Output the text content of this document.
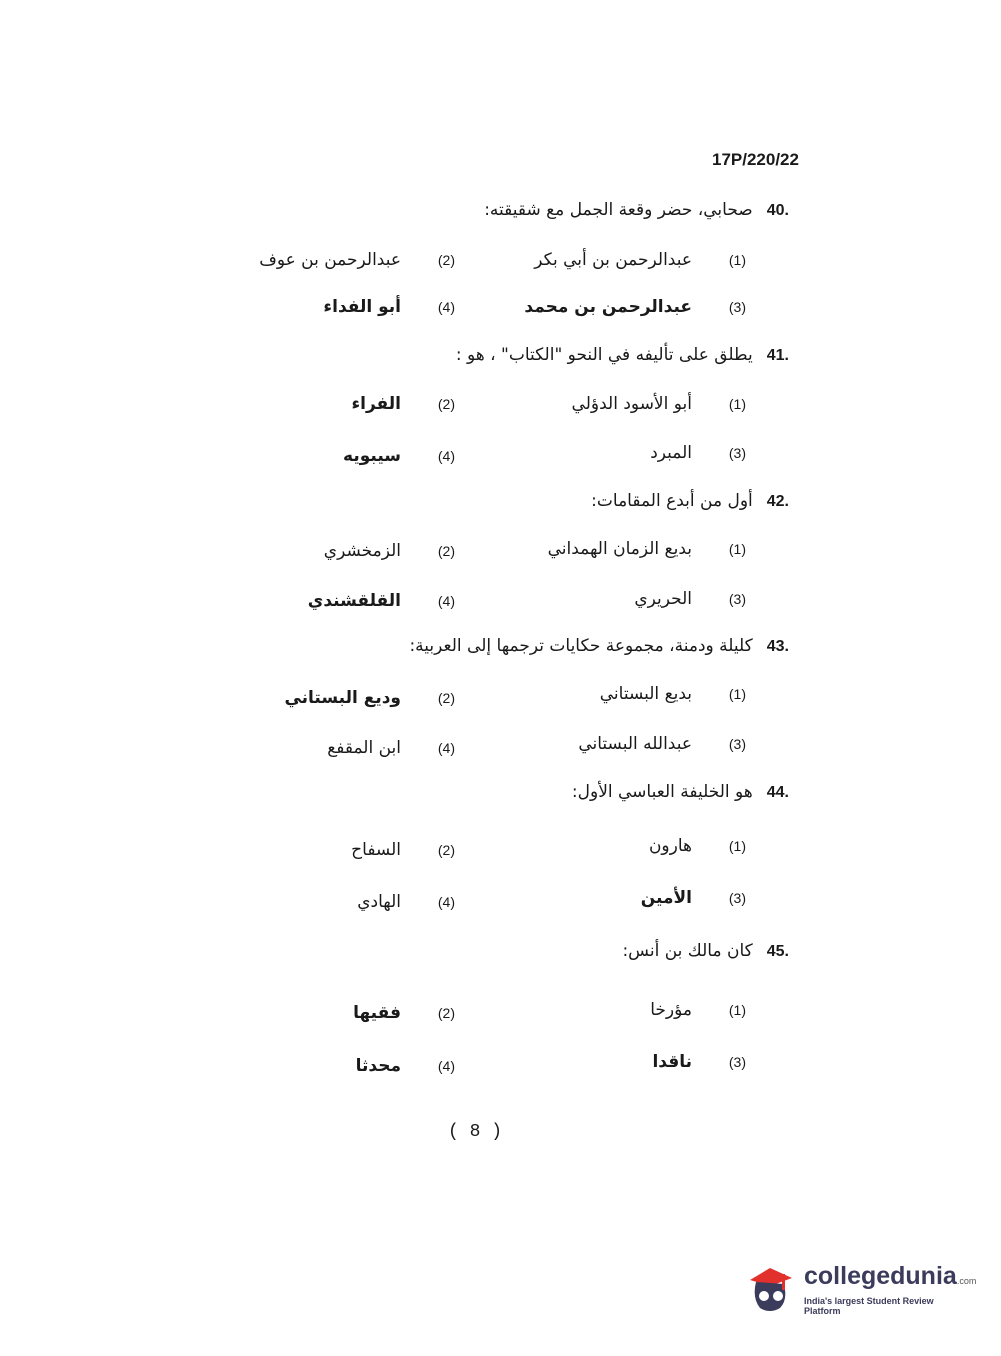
17P/220/22
40.
صحابي، حضر وقعة الجمل مع شقيقته:
(1)
عبدالرحمن بن أبي بكر
(2)
عبدالرحمن بن عوف
(3)
عبدالرحمن بن محمد
(4)
أبو الفداء
41.
يطلق على تأليفه في النحو "الكتاب" ، هو :
(1)
أبو الأسود الدؤلي
(2)
الفراء
(3)
المبرد
(4)
سيبويه
42.
أول من أبدع المقامات:
(1)
بديع الزمان الهمداني
(2)
الزمخشري
(3)
الحريري
(4)
القلقشندي
43.
كليلة ودمنة، مجموعة حكايات ترجمها إلى العربية:
(1)
بديع البستاني
(2)
وديع البستاني
(3)
عبدالله البستاني
(4)
ابن المقفع
44.
هو الخليفة العباسي الأول:
(1)
هارون
(2)
السفاح
(3)
الأمين
(4)
الهادي
45.
كان مالك بن أنس:
(1)
مؤرخا
(2)
فقيها
(3)
ناقدا
(4)
محدثا
( 8 )
collegedunia.com
India's largest Student Review Platform
